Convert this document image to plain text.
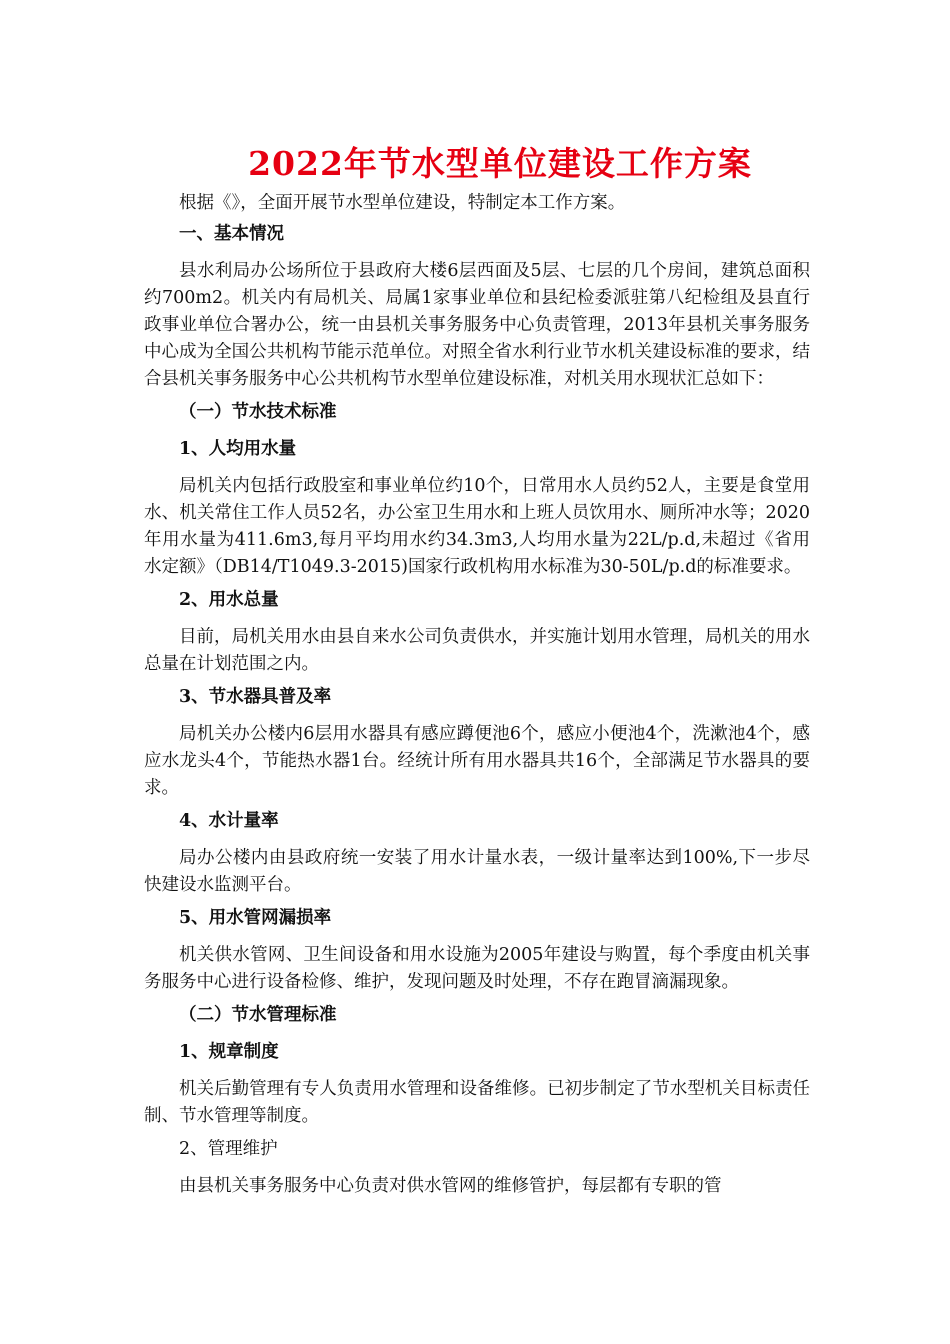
2022年节水型单位建设工作方案

根据《》，全面开展节水型单位建设，特制定本工作方案。

一、基本情况

县水利局办公场所位于县政府大楼6层西面及5层、七层的几个房间，建筑总面积约700m2。机关内有局机关、局属1家事业单位和县纪检委派驻第八纪检组及县直行政事业单位合署办公，统一由县机关事务服务中心负责管理，2013年县机关事务服务中心成为全国公共机构节能示范单位。对照全省水利行业节水机关建设标准的要求，结合县机关事务服务中心公共机构节水型单位建设标准，对机关用水现状汇总如下：

（一）节水技术标准

1、人均用水量

局机关内包括行政股室和事业单位约10个，日常用水人员约52人，主要是食堂用水、机关常住工作人员52名，办公室卫生用水和上班人员饮用水、厕所冲水等；2020年用水量为411.6m3,每月平均用水约34.3m3,人均用水量为22L/p.d,未超过《省用水定额》（DB14/T1049.3-2015)国家行政机构用水标准为30-50L/p.d的标准要求。

2、用水总量

目前，局机关用水由县自来水公司负责供水，并实施计划用水管理，局机关的用水总量在计划范围之内。

3、节水器具普及率

局机关办公楼内6层用水器具有感应蹲便池6个，感应小便池4个，洗漱池4个，感应水龙头4个，节能热水器1台。经统计所有用水器具共16个，全部满足节水器具的要求。

4、水计量率

局办公楼内由县政府统一安装了用水计量水表，一级计量率达到100%,下一步尽快建设水监测平台。

5、用水管网漏损率

机关供水管网、卫生间设备和用水设施为2005年建设与购置，每个季度由机关事务服务中心进行设备检修、维护，发现问题及时处理，不存在跑冒滴漏现象。

（二）节水管理标准

1、规章制度

机关后勤管理有专人负责用水管理和设备维修。已初步制定了节水型机关目标责任制、节水管理等制度。

2、管理维护

由县机关事务服务中心负责对供水管网的维修管护，每层都有专职的管
